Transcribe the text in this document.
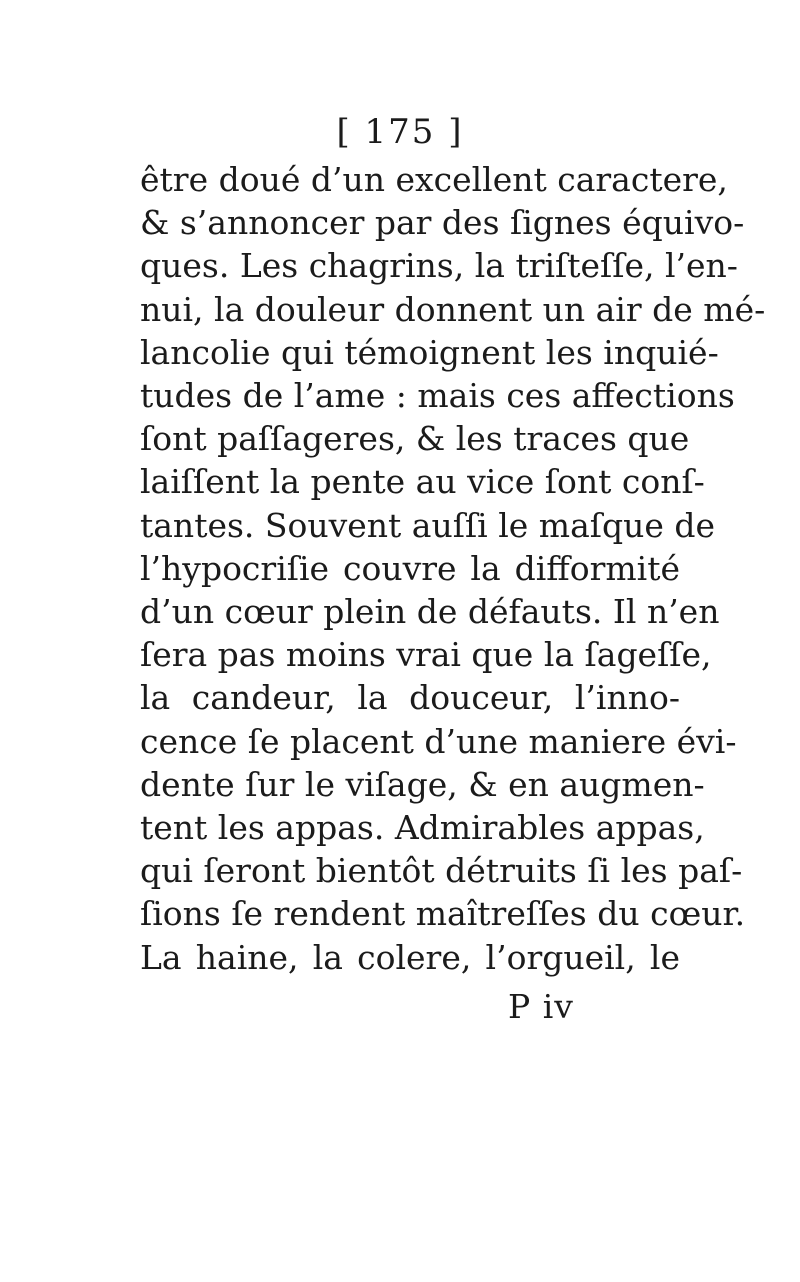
[ 175 ]
être doué d’un excellent caractere,
& s’annoncer par des ſignes équivo-
ques. Les chagrins, la triſteſſe, l’en-
nui, la douleur donnent un air de mé-
lancolie qui témoignent les inquié-
tudes de l’ame : mais ces affections
ſont paſſageres, & les traces que
laiſſent la pente au vice ſont conſ-
tantes. Souvent auſſi le maſque de
l’hypocriſie couvre la difformité
d’un cœur plein de défauts. Il n’en
ſera pas moins vrai que la ſageſſe,
la candeur, la douceur, l’inno-
cence ſe placent d’une maniere évi-
dente ſur le viſage, & en augmen-
tent les appas. Admirables appas,
qui ſeront bientôt détruits ſi les paſ-
ſions ſe rendent maîtreſſes du cœur.
La haine, la colere, l’orgueil, le
P iv
